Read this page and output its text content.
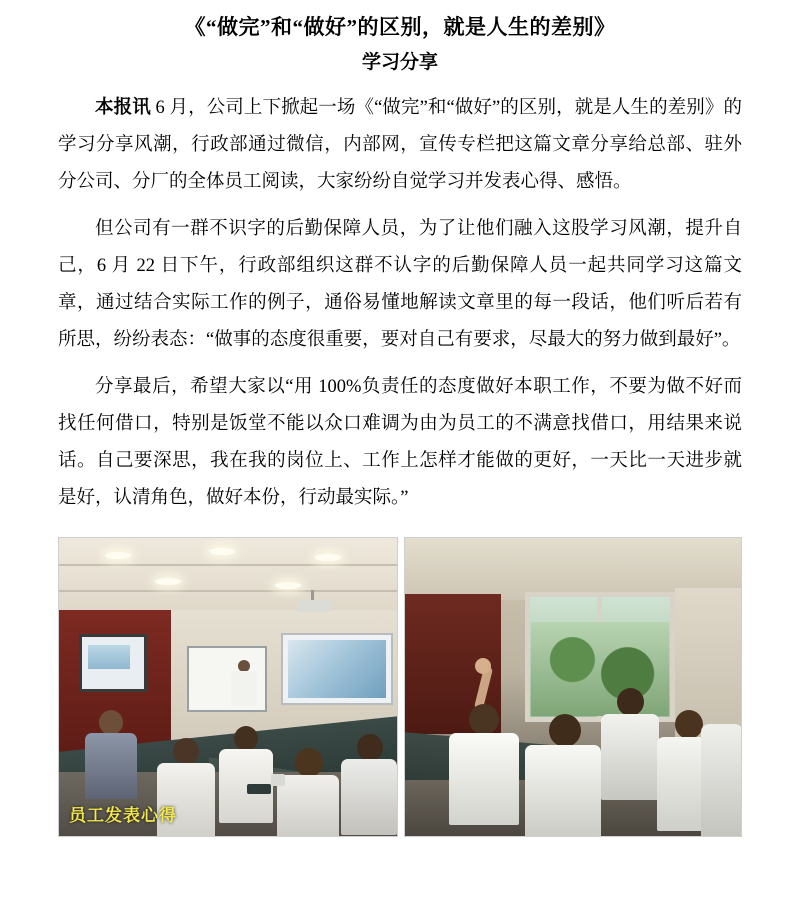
《“做完”和“做好”的区别，就是人生的差别》
学习分享

本报讯 6 月，公司上下掀起一场《“做完”和“做好”的区别，就是人生的差别》的学习分享风潮，行政部通过微信，内部网，宣传专栏把这篇文章分享给总部、驻外分公司、分厂的全体员工阅读，大家纷纷自觉学习并发表心得、感悟。

但公司有一群不识字的后勤保障人员，为了让他们融入这股学习风潮，提升自己，6 月 22 日下午，行政部组织这群不认字的后勤保障人员一起共同学习这篇文章，通过结合实际工作的例子，通俗易懂地解读文章里的每一段话，他们听后若有所思，纷纷表态：“做事的态度很重要，要对自己有要求，尽最大的努力做到最好”。

分享最后，希望大家以“用 100%负责任的态度做好本职工作，不要为做不好而找任何借口，特别是饭堂不能以众口难调为由为员工的不满意找借口，用结果来说话。自己要深思，我在我的岗位上、工作上怎样才能做的更好，一天比一天进步就是好，认清角色，做好本份，行动最实际。”

员工发表心得
